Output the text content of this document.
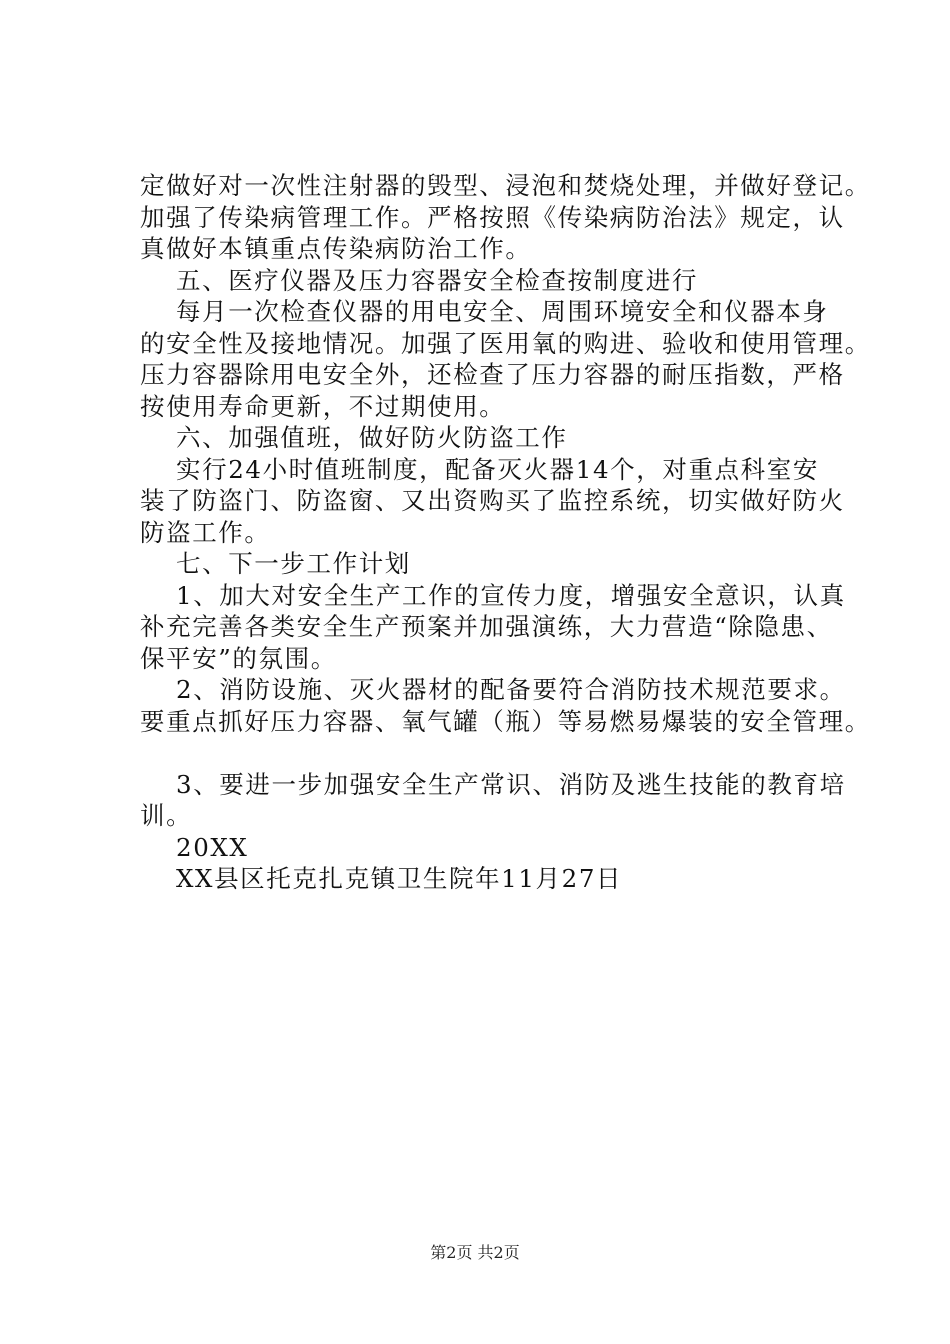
定做好对一次性注射器的毁型、浸泡和焚烧处理，并做好登记。
加强了传染病管理工作。严格按照《传染病防治法》规定，认
真做好本镇重点传染病防治工作。
五、医疗仪器及压力容器安全检查按制度进行
每月一次检查仪器的用电安全、周围环境安全和仪器本身
的安全性及接地情况。加强了医用氧的购进、验收和使用管理。
压力容器除用电安全外，还检查了压力容器的耐压指数，严格
按使用寿命更新，不过期使用。
六、加强值班，做好防火防盗工作
实行24小时值班制度，配备灭火器14个，对重点科室安
装了防盗门、防盗窗、又出资购买了监控系统，切实做好防火
防盗工作。
七、下一步工作计划
1、加大对安全生产工作的宣传力度，增强安全意识，认真
补充完善各类安全生产预案并加强演练，大力营造“除隐患、
保平安”的氛围。
2、消防设施、灭火器材的配备要符合消防技术规范要求。
要重点抓好压力容器、氧气罐（瓶）等易燃易爆装的安全管理。
3、要进一步加强安全生产常识、消防及逃生技能的教育培
训。
20XX
XX县区托克扎克镇卫生院年11月27日
第2页 共2页
